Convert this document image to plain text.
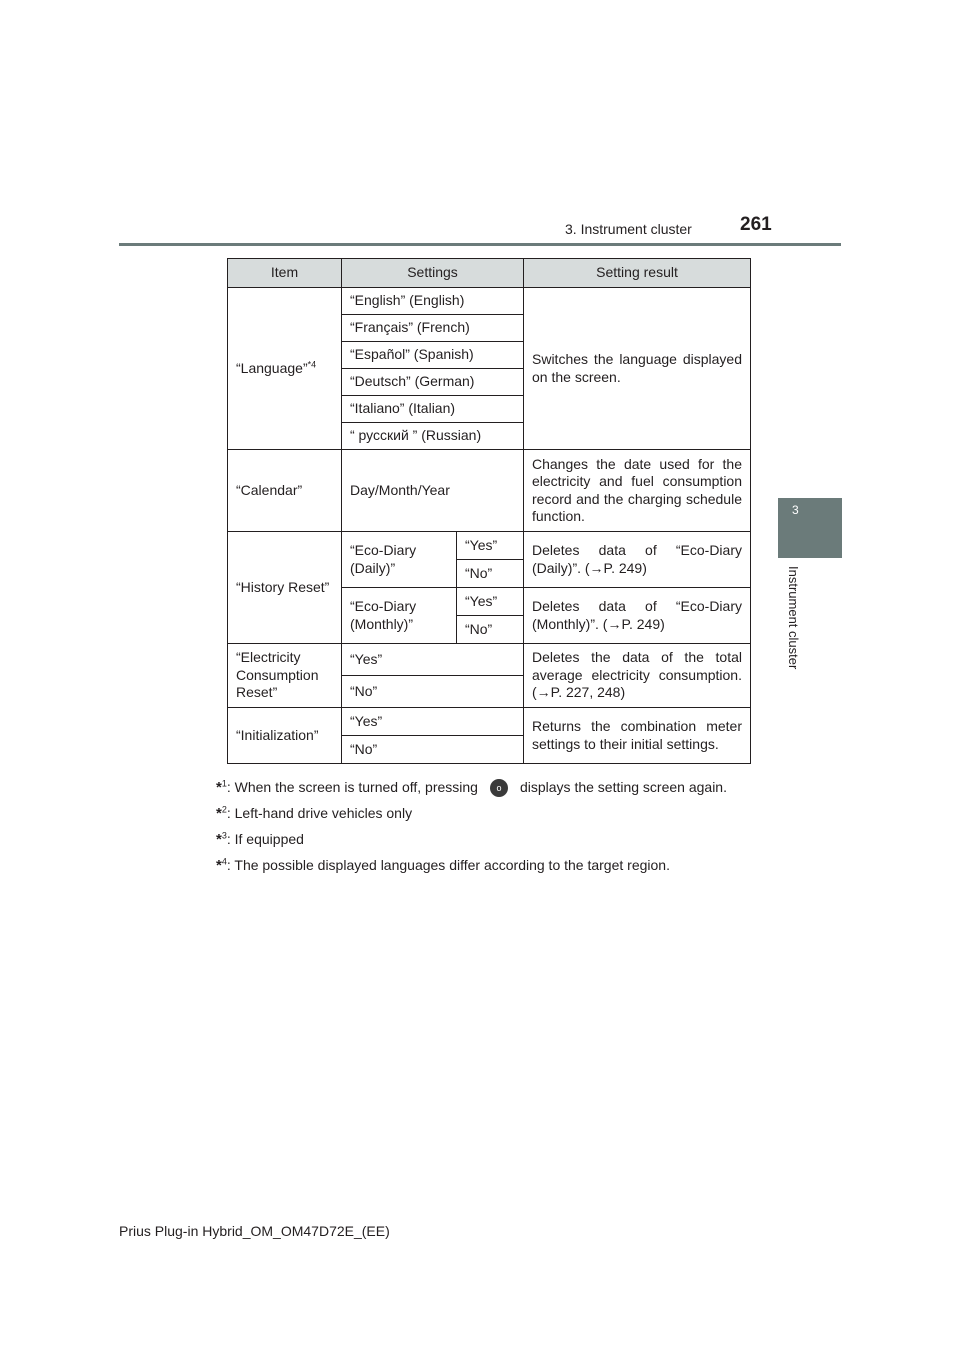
3. Instrument cluster	261
3
Instrument cluster
Item	Settings		Setting result
“Language”$^{*4}$	“English” (English)		Switches the language displayed on the screen.
	“Français” (French)		
	“Español” (Spanish)		
	“Deutsch” (German)		
	“Italiano” (Italian)		
	“ русский ” (Russian)		
“Calendar”	Day/Month/Year		Changes the date used for the electricity and fuel consumption record and the charging schedule function.
“History Reset”	“Eco-Diary (Daily)”	“Yes”	Deletes data of “Eco-Diary (Daily)”. (→P. 249)
		“No”	
	“Eco-Diary (Monthly)”	“Yes”	Deletes data of “Eco-Diary (Monthly)”. (→P. 249)
		“No”	
“Electricity Consumption Reset”	“Yes”		Deletes the data of the total average electricity consumption. (→P. 227, 248)
	“No”		
“Initialization”	“Yes”		Returns the combination meter settings to their initial settings.
	“No”		
*$^1$ : When the screen is turned off, pressing o displays the setting screen again.
*$^2$ : Left-hand drive vehicles only
*$^3$ : If equipped
*$^4$ : The possible displayed languages differ according to the target region.
Prius Plug-in Hybrid_OM_OM47D72E_(EE)
